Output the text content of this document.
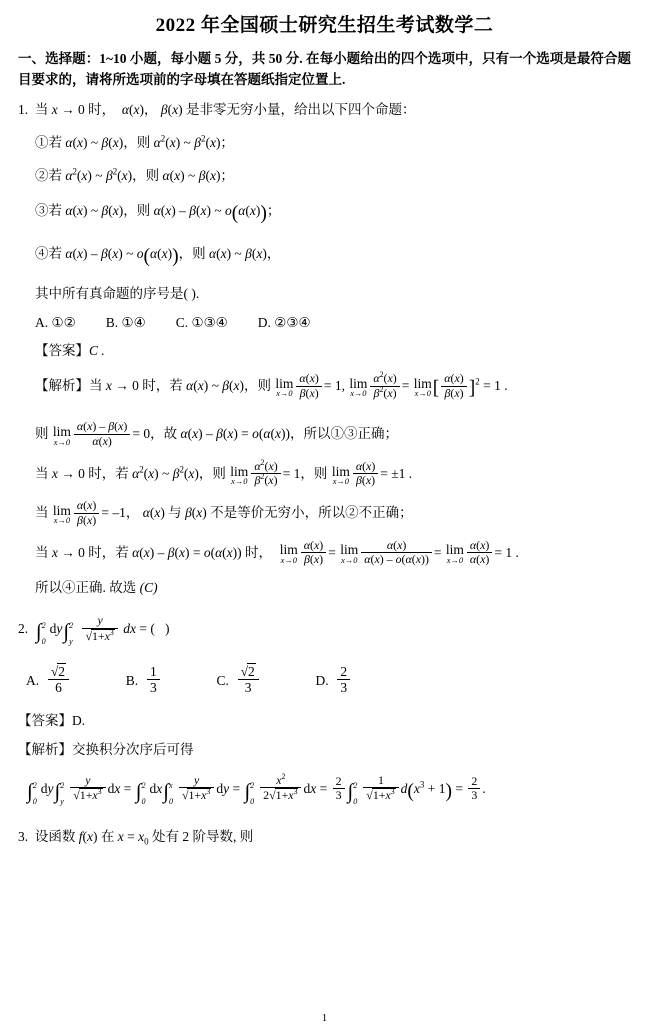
2022 年全国硕士研究生招生考试数学二
一、选择题：1~10 小题，每小题 5 分，共 50 分. 在每小题给出的四个选项中，只有一个选项是最符合题目要求的，请将所选项前的字母填在答题纸指定位置上.
1.  当 x → 0 时，  α(x)， β(x) 是非零无穷小量，给出以下四个命题：
①若 α(x) ~ β(x)，则 $\alpha^2(x)$ ~ $\beta^2(x)$；
②若 $\alpha^2(x)$ ~ $\beta^2(x)$，则 α(x) ~ β(x)；
③若 α(x) ~ β(x)，则 α(x) – β(x) ~ o(α(x))；
④若 α(x) – β(x) ~ o(α(x))，则 α(x) ~ β(x)，
其中所有真命题的序号是( ).
A. ①② B. ①④ C. ①③④ D. ②③④
【答案】C .
【解析】当 x → 0 时，若 α(x) ~ β(x)，则 lim
$x\to 0 \frac{\alpha(x)}{\beta(x)} = 1$, lim
$x\to 0 \frac{\alpha^2(x)}{\beta^2(x)} = \lim$
x→0 [ $\frac{\alpha(x)}{\beta(x)} ]^2 = 1$ .
则 lim
$x\to 0 \frac{\alpha(x) - \beta(x)}{\alpha(x)} = 0$，故 α(x) – β(x) = o(α(x))，所以①③正确；
当 x → 0 时，若 $\alpha^2(x)$ ~ $\beta^2(x)$，则 lim
$x\to 0 \frac{\alpha^2(x)}{\beta^2(x)} = 1$，则 lim
$x\to 0 \frac{\alpha(x)}{\beta(x)} = \pm 1$ .
当 lim
$x\to 0 \frac{\alpha(x)}{\beta(x)} = -1$， α(x) 与 β(x) 不是等价无穷小，所以②不正确；
当 x → 0 时，若 α(x) – β(x) = o(α(x)) 时， lim
$x\to 0 \frac{\alpha(x)}{\beta(x)} = \lim$
$x\to 0 \frac{\alpha(x)}{\alpha(x) - o(\alpha(x))} = \lim$
$x\to 0 \frac{\alpha(x)}{\alpha(x)} = 1$ .
所以④正确. 故选 (C)
2.  ∫ 0
2 dy∫ y
2
$\frac{y}{√1+x^3}$ dx = (   )
A. $\frac{√2}{6}$	B. $\frac{1}{3}$	C. $\frac{√2}{3}$	D. $\frac{2}{3}$
【答案】D.
【解析】交换积分次序后可得
∫ 0
2 dy∫ y
$2 \frac{y}{√1+x^3}$ dx = ∫ 0
2 dx∫ 0
x $\frac{y}{√1+x^3}$ dy = ∫ 0
$2 \frac{x^2}{2√1+x^3}$ dx = $\frac{2}{3}$ ∫ 0
$2 \frac{1}{√1+x^3} d(x^3 + 1) = \frac{2}{3}$ .
3.  设函数 f(x) 在 $x = x_0$ 处有 2 阶导数, 则
1
